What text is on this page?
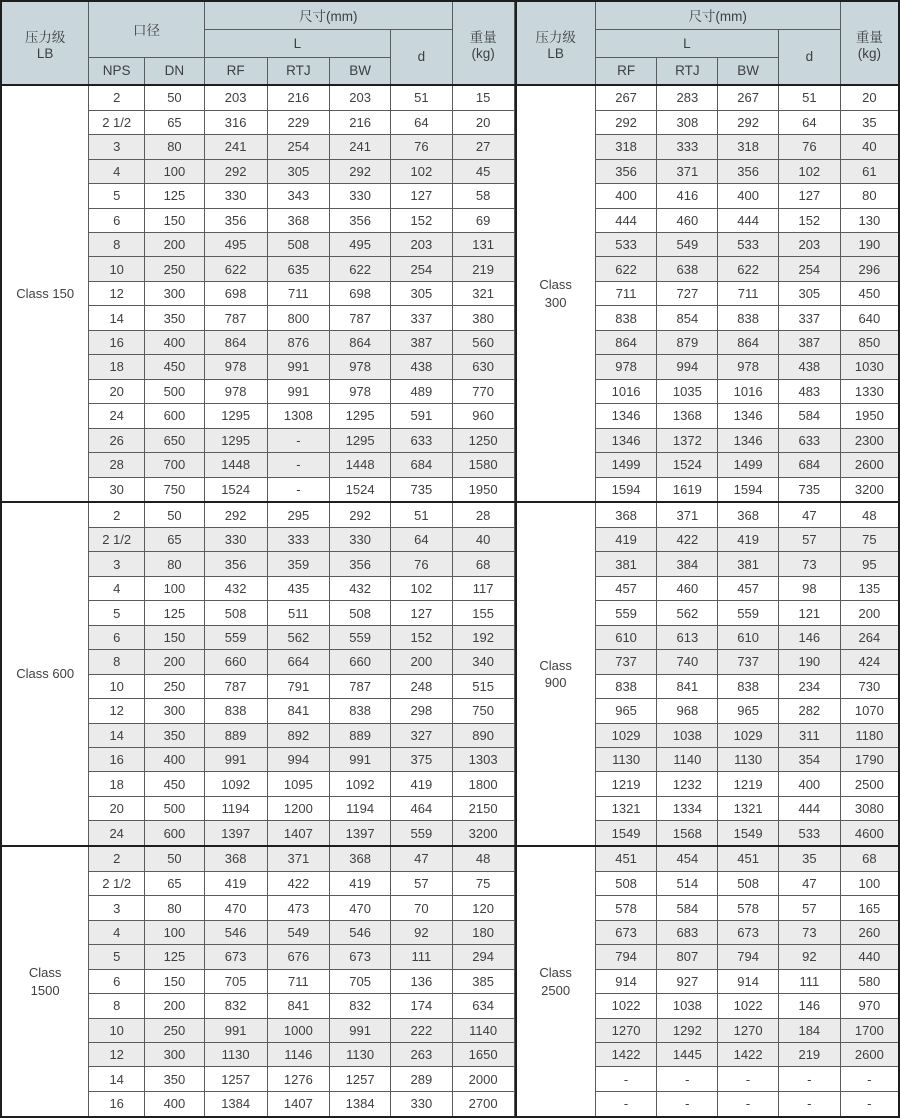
压力级
LB	口径		尺寸(mm)				重量
(kg)
			L			d	
	NPS	DN	RF	RTJ	BW		
Class 150	2	50	203	216	203	51	15
	2 1/2	65	316	229	216	64	20
	3	80	241	254	241	76	27
	4	100	292	305	292	102	45
	5	125	330	343	330	127	58
	6	150	356	368	356	152	69
	8	200	495	508	495	203	131
	10	250	622	635	622	254	219
	12	300	698	711	698	305	321
	14	350	787	800	787	337	380
	16	400	864	876	864	387	560
	18	450	978	991	978	438	630
	20	500	978	991	978	489	770
	24	600	1295	1308	1295	591	960
	26	650	1295	-	1295	633	1250
	28	700	1448	-	1448	684	1580
	30	750	1524	-	1524	735	1950
Class 600	2	50	292	295	292	51	28
	2 1/2	65	330	333	330	64	40
	3	80	356	359	356	76	68
	4	100	432	435	432	102	117
	5	125	508	511	508	127	155
	6	150	559	562	559	152	192
	8	200	660	664	660	200	340
	10	250	787	791	787	248	515
	12	300	838	841	838	298	750
	14	350	889	892	889	327	890
	16	400	991	994	991	375	1303
	18	450	1092	1095	1092	419	1800
	20	500	1194	1200	1194	464	2150
	24	600	1397	1407	1397	559	3200
Class
1500	2	50	368	371	368	47	48
	2 1/2	65	419	422	419	57	75
	3	80	470	473	470	70	120
	4	100	546	549	546	92	180
	5	125	673	676	673	111	294
	6	150	705	711	705	136	385
	8	200	832	841	832	174	634
	10	250	991	1000	991	222	1140
	12	300	1130	1146	1130	263	1650
	14	350	1257	1276	1257	289	2000
	16	400	1384	1407	1384	330	2700
压力级
LB	尺寸(mm)				重量
(kg)
	L			d	
	RF	RTJ	BW		
Class
300	267	283	267	51	20
	292	308	292	64	35
	318	333	318	76	40
	356	371	356	102	61
	400	416	400	127	80
	444	460	444	152	130
	533	549	533	203	190
	622	638	622	254	296
	711	727	711	305	450
	838	854	838	337	640
	864	879	864	387	850
	978	994	978	438	1030
	1016	1035	1016	483	1330
	1346	1368	1346	584	1950
	1346	1372	1346	633	2300
	1499	1524	1499	684	2600
	1594	1619	1594	735	3200
Class
900	368	371	368	47	48
	419	422	419	57	75
	381	384	381	73	95
	457	460	457	98	135
	559	562	559	121	200
	610	613	610	146	264
	737	740	737	190	424
	838	841	838	234	730
	965	968	965	282	1070
	1029	1038	1029	311	1180
	1130	1140	1130	354	1790
	1219	1232	1219	400	2500
	1321	1334	1321	444	3080
	1549	1568	1549	533	4600
Class
2500	451	454	451	35	68
	508	514	508	47	100
	578	584	578	57	165
	673	683	673	73	260
	794	807	794	92	440
	914	927	914	111	580
	1022	1038	1022	146	970
	1270	1292	1270	184	1700
	1422	1445	1422	219	2600
	-	-	-	-	-
	-	-	-	-	-
